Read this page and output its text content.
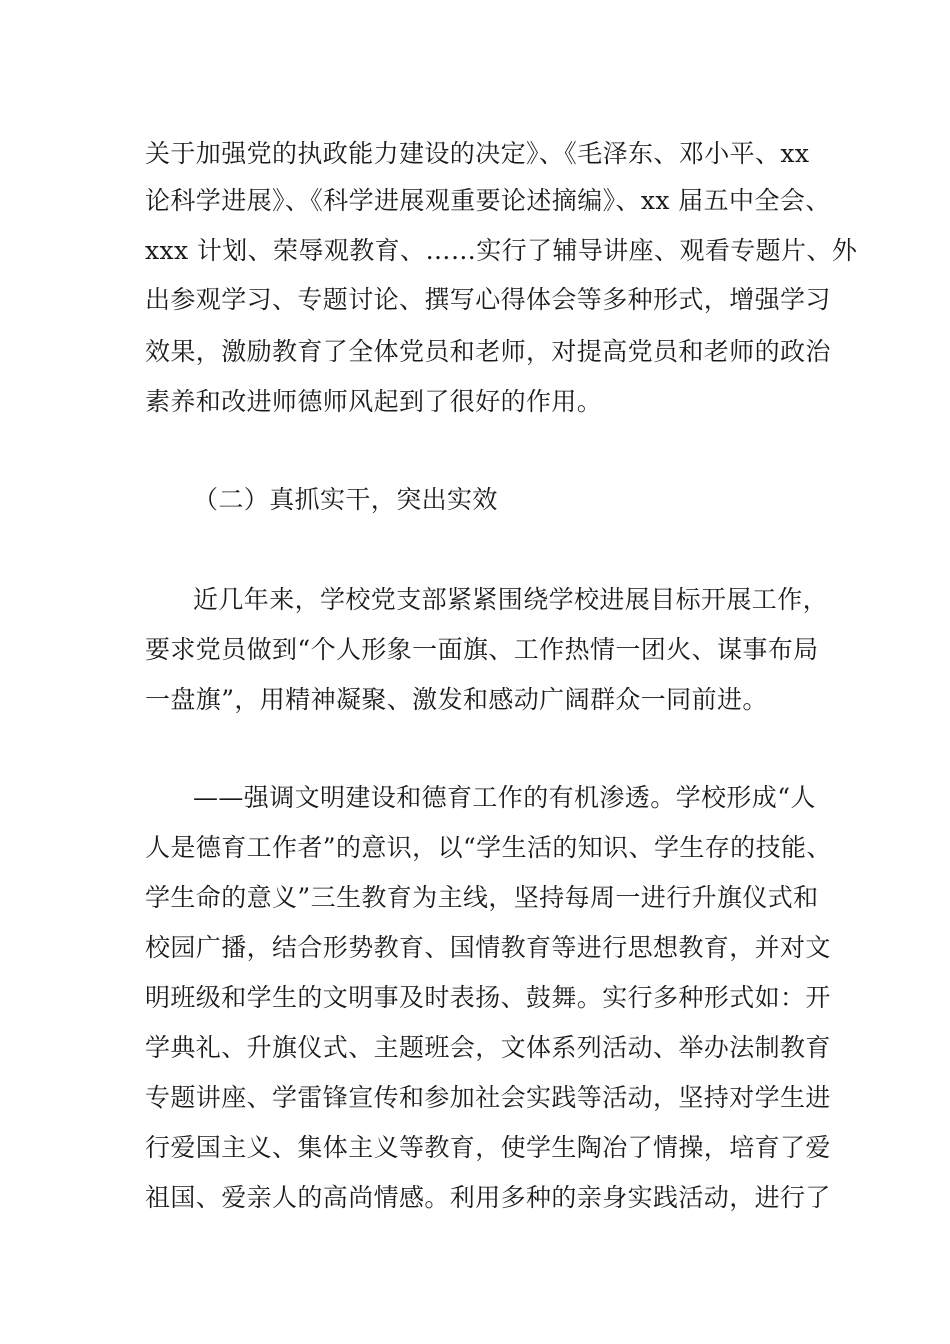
关于加强党的执政能力建设的决定》、《毛泽东、邓小平、xx
论科学进展》、《科学进展观重要论述摘编》、xx 届五中全会、
xxx 计划、荣辱观教育、……实行了辅导讲座、观看专题片、外
出参观学习、专题讨论、撰写心得体会等多种形式，增强学习
效果，激励教育了全体党员和老师，对提高党员和老师的政治
素养和改进师德师风起到了很好的作用。
（二）真抓实干，突出实效
近几年来，学校党支部紧紧围绕学校进展目标开展工作，
要求党员做到“个人形象一面旗、工作热情一团火、谋事布局
一盘旗”，用精神凝聚、激发和感动广阔群众一同前进。
——强调文明建设和德育工作的有机渗透。学校形成“人
人是德育工作者”的意识，以“学生活的知识、学生存的技能、
学生命的意义”三生教育为主线，坚持每周一进行升旗仪式和
校园广播，结合形势教育、国情教育等进行思想教育，并对文
明班级和学生的文明事及时表扬、鼓舞。实行多种形式如：开
学典礼、升旗仪式、主题班会，文体系列活动、举办法制教育
专题讲座、学雷锋宣传和参加社会实践等活动，坚持对学生进
行爱国主义、集体主义等教育，使学生陶冶了情操，培育了爱
祖国、爱亲人的高尚情感。利用多种的亲身实践活动，进行了
